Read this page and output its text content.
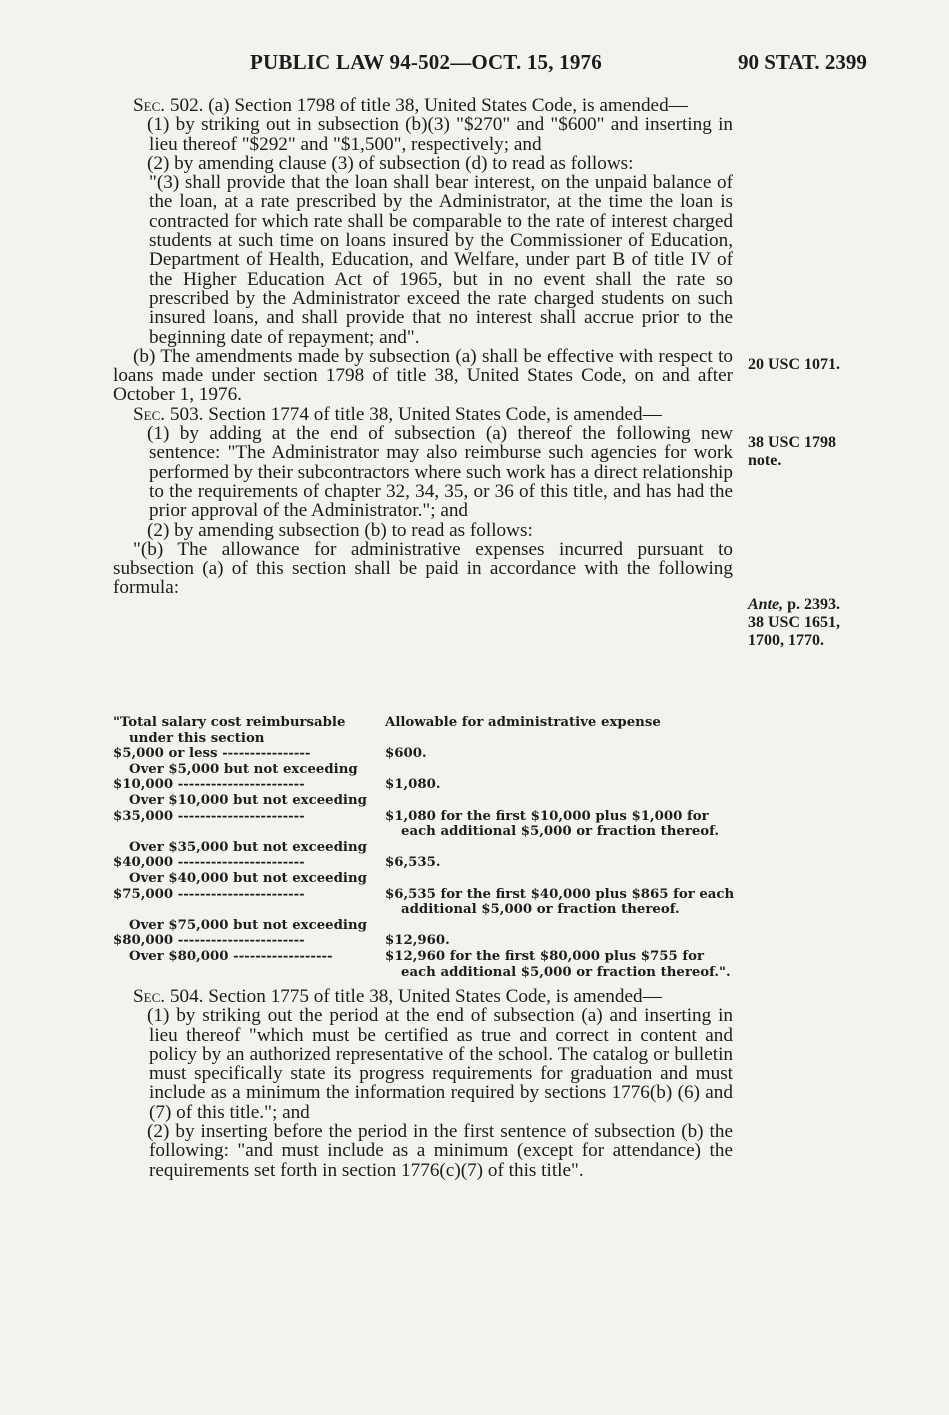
PUBLIC LAW 94-502—OCT. 15, 1976	90 STAT. 2399

Sec. 502. (a) Section 1798 of title 38, United States Code, is amended—

(1) by striking out in subsection (b)(3) "$270" and "$600" and inserting in lieu thereof "$292" and "$1,500", respectively; and

(2) by amending clause (3) of subsection (d) to read as follows:

"(3) shall provide that the loan shall bear interest, on the unpaid balance of the loan, at a rate prescribed by the Administrator, at the time the loan is contracted for which rate shall be comparable to the rate of interest charged students at such time on loans insured by the Commissioner of Education, Department of Health, Education, and Welfare, under part B of title IV of the Higher Education Act of 1965, but in no event shall the rate so prescribed by the Administrator exceed the rate charged students on such insured loans, and shall provide that no interest shall accrue prior to the beginning date of repayment; and".

(b) The amendments made by subsection (a) shall be effective with respect to loans made under section 1798 of title 38, United States Code, on and after October 1, 1976.

Sec. 503. Section 1774 of title 38, United States Code, is amended—

(1) by adding at the end of subsection (a) thereof the following new sentence: "The Administrator may also reimburse such agencies for work performed by their subcontractors where such work has a direct relationship to the requirements of chapter 32, 34, 35, or 36 of this title, and has had the prior approval of the Administrator."; and

(2) by amending subsection (b) to read as follows:

"(b) The allowance for administrative expenses incurred pursuant to subsection (a) of this section shall be paid in accordance with the following formula:

20 USC 1071.
38 USC 1798
note.
Ante, p. 2393.
38 USC 1651,
1700, 1770.
"Total salary cost reimbursable
under this section
Allowable for administrative expense
$5,000 or less ----------------	$600.
Over $5,000 but not exceeding
$10,000 -----------------------
	$1,080.
Over $10,000 but not exceeding
$35,000 -----------------------
	$1,080 for the first $10,000 plus $1,000 for
each additional $5,000 or fraction thereof.
Over $35,000 but not exceeding
$40,000 -----------------------
	$6,535.
Over $40,000 but not exceeding
$75,000 -----------------------
	$6,535 for the first $40,000 plus $865 for each
additional $5,000 or fraction thereof.
Over $75,000 but not exceeding
$80,000 -----------------------
	$12,960.
Over $80,000 ------------------	$12,960 for the first $80,000 plus $755 for
each additional $5,000 or fraction thereof.".

Sec. 504. Section 1775 of title 38, United States Code, is amended—

(1) by striking out the period at the end of subsection (a) and inserting in lieu thereof "which must be certified as true and correct in content and policy by an authorized representative of the school. The catalog or bulletin must specifically state its progress requirements for graduation and must include as a minimum the information required by sections 1776(b) (6) and (7) of this title."; and

(2) by inserting before the period in the first sentence of subsection (b) the following: "and must include as a minimum (except for attendance) the requirements set forth in section 1776(c)(7) of this title".
